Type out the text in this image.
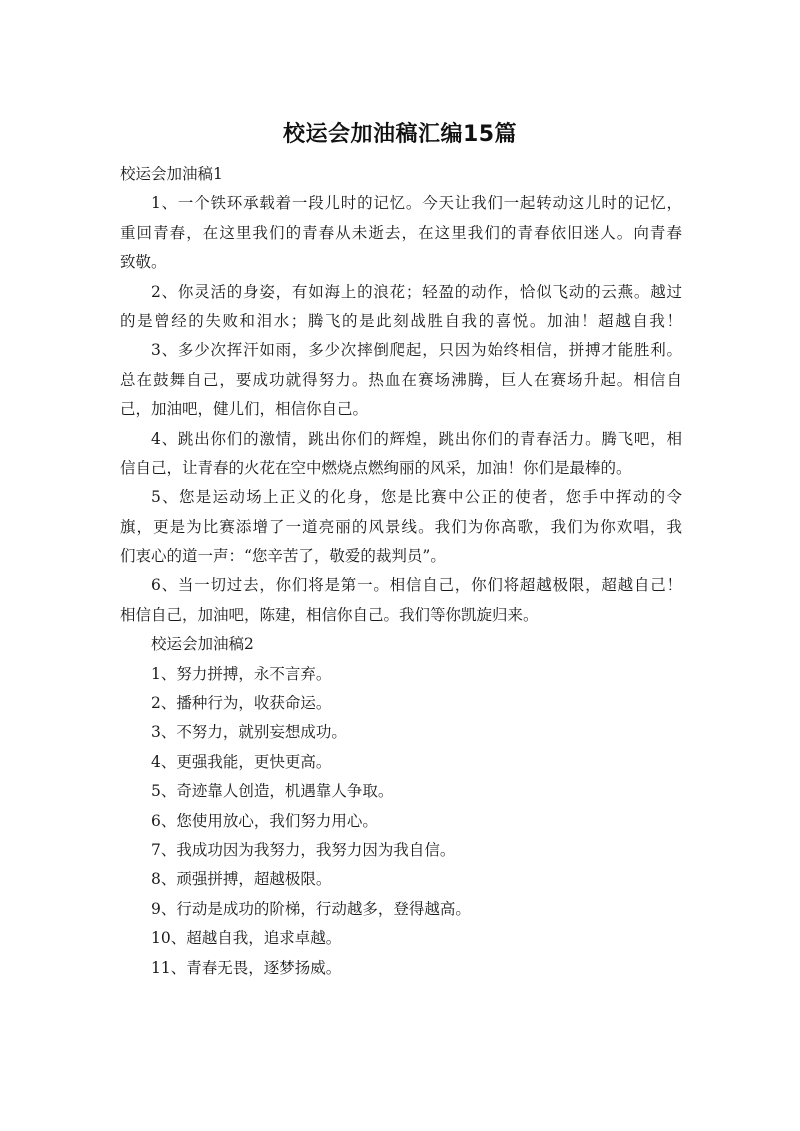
校运会加油稿汇编15篇
校运会加油稿1
1、一个铁环承载着一段儿时的记忆。今天让我们一起转动这儿时的记忆，
重回青春，在这里我们的青春从未逝去，在这里我们的青春依旧迷人。向青春
致敬。
2、你灵活的身姿，有如海上的浪花；轻盈的动作，恰似飞动的云燕。越过
的是曾经的失败和泪水；腾飞的是此刻战胜自我的喜悦。加油！超越自我！
3、多少次挥汗如雨，多少次摔倒爬起，只因为始终相信，拼搏才能胜利。
总在鼓舞自己，要成功就得努力。热血在赛场沸腾，巨人在赛场升起。相信自
己，加油吧，健儿们，相信你自己。
4、跳出你们的激情，跳出你们的辉煌，跳出你们的青春活力。腾飞吧，相
信自己，让青春的火花在空中燃烧点燃绚丽的风采，加油！你们是最棒的。
5、您是运动场上正义的化身，您是比赛中公正的使者，您手中挥动的令
旗，更是为比赛添增了一道亮丽的风景线。我们为你高歌，我们为你欢唱，我
们衷心的道一声：“您辛苦了，敬爱的裁判员”。
6、当一切过去，你们将是第一。相信自己，你们将超越极限，超越自己！
相信自己，加油吧，陈建，相信你自己。我们等你凯旋归来。
校运会加油稿2
1、努力拼搏，永不言弃。
2、播种行为，收获命运。
3、不努力，就别妄想成功。
4、更强我能，更快更高。
5、奇迹靠人创造，机遇靠人争取。
6、您使用放心，我们努力用心。
7、我成功因为我努力，我努力因为我自信。
8、顽强拼搏，超越极限。
9、行动是成功的阶梯，行动越多，登得越高。
10、超越自我，追求卓越。
11、青春无畏，逐梦扬威。
